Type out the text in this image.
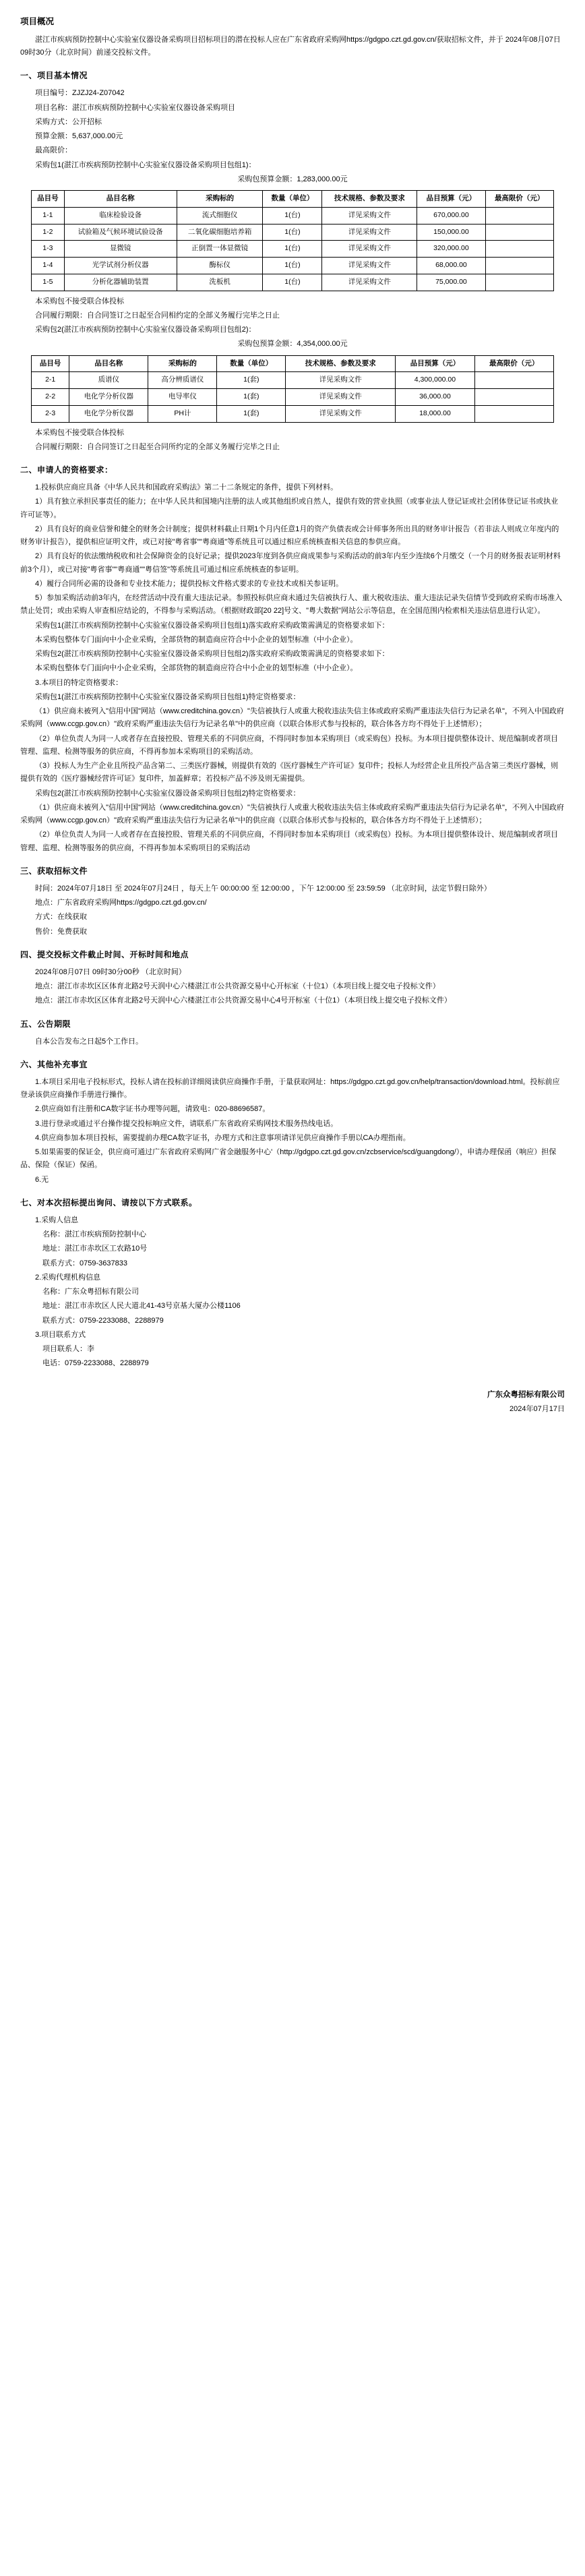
项目概况

湛江市疾病预防控制中心实验室仪器设备采购项目招标项目的潜在投标人应在广东省政府采购网https://gdgpo.czt.gd.gov.cn/获取招标文件，并于 2024年08月07日 09时30分（北京时间）前递交投标文件。

一、项目基本情况

项目编号：ZJZJ24-Z07042

项目名称：湛江市疾病预防控制中心实验室仪器设备采购项目

采购方式：公开招标

预算金额：5,637,000.00元

最高限价：

采购包1(湛江市疾病预防控制中心实验室仪器设备采购项目包组1)：

采购包预算金额：1,283,000.00元

品目号	品目名称	采购标的	数量（单位）	技术规格、参数及要求	品目预算（元）	最高限价（元）
1-1	临床检验设备	流式细胞仪	1(台)	详见采购文件	670,000.00	
1-2	试验箱及气候环境试验设备	二氧化碳细胞培养箱	1(台)	详见采购文件	150,000.00	
1-3	显微镜	正倒置一体显微镜	1(台)	详见采购文件	320,000.00	
1-4	光学试剂分析仪器	酶标仪	1(台)	详见采购文件	68,000.00	
1-5	分析化器辅助装置	洗板机	1(台)	详见采购文件	75,000.00	

本采购包不接受联合体投标

合同履行期限：自合同签订之日起至合同相约定的全部义务履行完毕之日止

采购包2(湛江市疾病预防控制中心实验室仪器设备采购项目包组2)：

采购包预算金额：4,354,000.00元

品目号	品目名称	采购标的	数量（单位）	技术规格、参数及要求	品目预算（元）	最高限价（元）
2-1	质谱仪	高分辨质谱仪	1(套)	详见采购文件	4,300,000.00	
2-2	电化学分析仪器	电导率仪	1(套)	详见采购文件	36,000.00	
2-3	电化学分析仪器	PH计	1(套)	详见采购文件	18,000.00	

本采购包不接受联合体投标

合同履行期限：自合同签订之日起至合同所约定的全部义务履行完毕之日止

二、申请人的资格要求：

1.投标供应商应具备《中华人民共和国政府采购法》第二十二条规定的条件，提供下列材料。

1）具有独立承担民事责任的能力；在中华人民共和国境内注册的法人或其他组织或自然人，提供有效的营业执照（或事业法人登记证或社会团体登记证书或执业许可证等）。

2）具有良好的商业信誉和健全的财务会计制度；提供材料截止日期1个月内任意1月的资产负债表或会计师事务所出具的财务审计报告（若非法人则成立年度内的财务审计报告），提供相应证明文件，或已对接"粤省事""粤商通"等系统且可以通过相应系统核查相关信息的参供应商。

2）具有良好的依法缴纳税收和社会保障资金的良好记录；提供2023年度到各供应商成果参与采购活动的前3年内至少连续6个月缴交（一个月的财务报表证明材料前3个月），或已对接"粤省事""粤商通""粤信签"等系统且可通过相应系统核查的参证明。

4）履行合同所必需的设备和专业技术能力；提供投标文件格式要求的专业技术或相关参证明。

5）参加采购活动前3年内，在经营活动中没有重大违法记录。参照投标供应商未通过失信被执行人、重大税收违法、重大违法记录失信情节受到政府采购市场准入禁止处罚；或由采购人审查相应结论的，不得参与采购活动。（根据财政部[20 22]号文、"粤大数据"网站公示等信息，在全国范围内检索相关违法信息进行认定）。

采购包1(湛江市疾病预防控制中心实验室仪器设备采购项目包组1)落实政府采购政策需满足的资格要求如下：

本采购包整体专门面向中小企业采购，全部货物的制造商应符合中小企业的划型标准（中小企业）。

采购包2(湛江市疾病预防控制中心实验室仪器设备采购项目包组2)落实政府采购政策需满足的资格要求如下：

本采购包整体专门面向中小企业采购，全部货物的制造商应符合中小企业的划型标准（中小企业）。

3.本项目的特定资格要求：

采购包1(湛江市疾病预防控制中心实验室仪器设备采购项目包组1)特定资格要求：

（1）供应商未被列入"信用中国"网站（www.creditchina.gov.cn）"失信被执行人或重大税收违法失信主体或政府采购严重违法失信行为记录名单"，不列入中国政府采购网（www.ccgp.gov.cn）"政府采购严重违法失信行为记录名单"中的供应商（以联合体形式参与投标的，联合体各方均不得处于上述情形）；

（2）单位负责人为同一人或者存在直接控股、管理关系的不同供应商，不得同时参加本采购项目（或采购包）投标。为本项目提供整体设计、规范编制或者项目管理、监理、检测等服务的供应商，不得再参加本采购项目的采购活动。

（3）投标人为生产企业且所投产品含第二、三类医疗器械，则提供有效的《医疗器械生产许可证》复印件；投标人为经营企业且所投产品含第三类医疗器械，则提供有效的《医疗器械经营许可证》复印件，加盖鲜章；若投标产品不涉及则无需提供。

采购包2(湛江市疾病预防控制中心实验室仪器设备采购项目包组2)特定资格要求：

（1）供应商未被列入"信用中国"网站（www.creditchina.gov.cn）"失信被执行人或重大税收违法失信主体或政府采购严重违法失信行为记录名单"，不列入中国政府采购网（www.ccgp.gov.cn）"政府采购严重违法失信行为记录名单"中的供应商（以联合体形式参与投标的，联合体各方均不得处于上述情形）；

（2）单位负责人为同一人或者存在直接控股、管理关系的不同供应商，不得同时参加本采购项目（或采购包）投标。为本项目提供整体设计、规范编制或者项目管理、监理、检测等服务的供应商，不得再参加本采购项目的采购活动

三、获取招标文件

时间：2024年07月18日 至 2024年07月24日 ，每天上午 00:00:00 至 12:00:00 ，下午 12:00:00 至 23:59:59 （北京时间，法定节假日除外）

地点：广东省政府采购网https://gdgpo.czt.gd.gov.cn/

方式：在线获取

售价：免费获取

四、提交投标文件截止时间、开标时间和地点

2024年08月07日 09时30分00秒 （北京时间）

地点：湛江市赤坎区区体育北路2号天润中心六楼湛江市公共资源交易中心开标室（十位1）（本项目线上提交电子投标文件）

地点：湛江市赤坎区区体育北路2号天润中心六楼湛江市公共资源交易中心4号开标室（十位1）（本项目线上提交电子投标文件）

五、公告期限

自本公告发布之日起5个工作日。

六、其他补充事宜

1.本项目采用电子投标形式，投标人请在投标前详细阅读供应商操作手册，于量获取网址：https://gdgpo.czt.gd.gov.cn/help/transaction/download.html。投标前应登录该供应商操作手册进行操作。

2.供应商如有注册和CA数字证书办理等问题，请致电：020-88696587。

3.进行登录或通过平台操作提交投标响应文件，请联系广东省政府采购网技术服务热线电话。

4.供应商参加本项目投标，需要提前办理CA数字证书，办理方式和注意事项请详见供应商操作手册以CA办理指南。

5.如果需要的保证金，供应商可通过广东省政府采购网广省金融服务中心'（http://gdgpo.czt.gd.gov.cn/zcbservice/scd/guangdong/），申请办理保函（响应）担保品、保险（保证）保函。

6.无

七、对本次招标提出询问、请按以下方式联系。

1.采购人信息

名称：湛江市疾病预防控制中心

地址：湛江市赤坎区工农路10号

联系方式：0759-3637833

2.采购代理机构信息

名称：广东众粤招标有限公司

地址：湛江市赤坎区人民大道北41-43号京基大厦办公楼1106

联系方式：0759-2233088、2288979

3.项目联系方式

项目联系人：李

电话：0759-2233088、2288979

广东众粤招标有限公司
2024年07月17日
